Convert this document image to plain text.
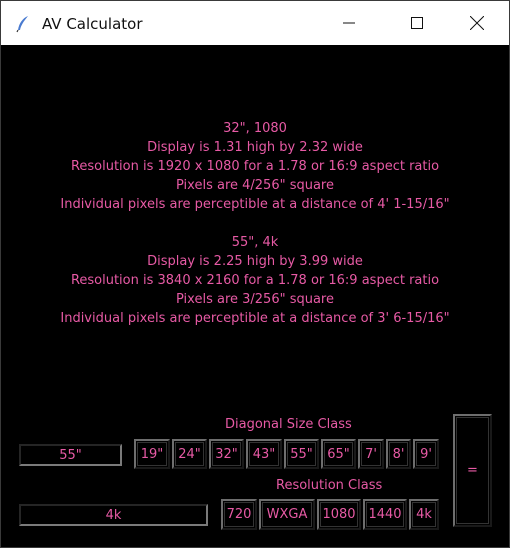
AV Calculator
32", 1080
Display is 1.31 high by 2.32 wide
Resolution is 1920 x 1080 for a 1.78 or 16:9 aspect ratio
Pixels are 4/256" square
Individual pixels are perceptible at a distance of 4' 1-15/16"
55", 4k
Display is 2.25 high by 3.99 wide
Resolution is 3840 x 2160 for a 1.78 or 16:9 aspect ratio
Pixels are 3/256" square
Individual pixels are perceptible at a distance of 3' 6-15/16"
Diagonal Size Class
55"
19" 24" 32" 43" 55" 65"	7'	8'	9'
=
Resolution Class
4k
720	WXGA	1080 1440	4k
